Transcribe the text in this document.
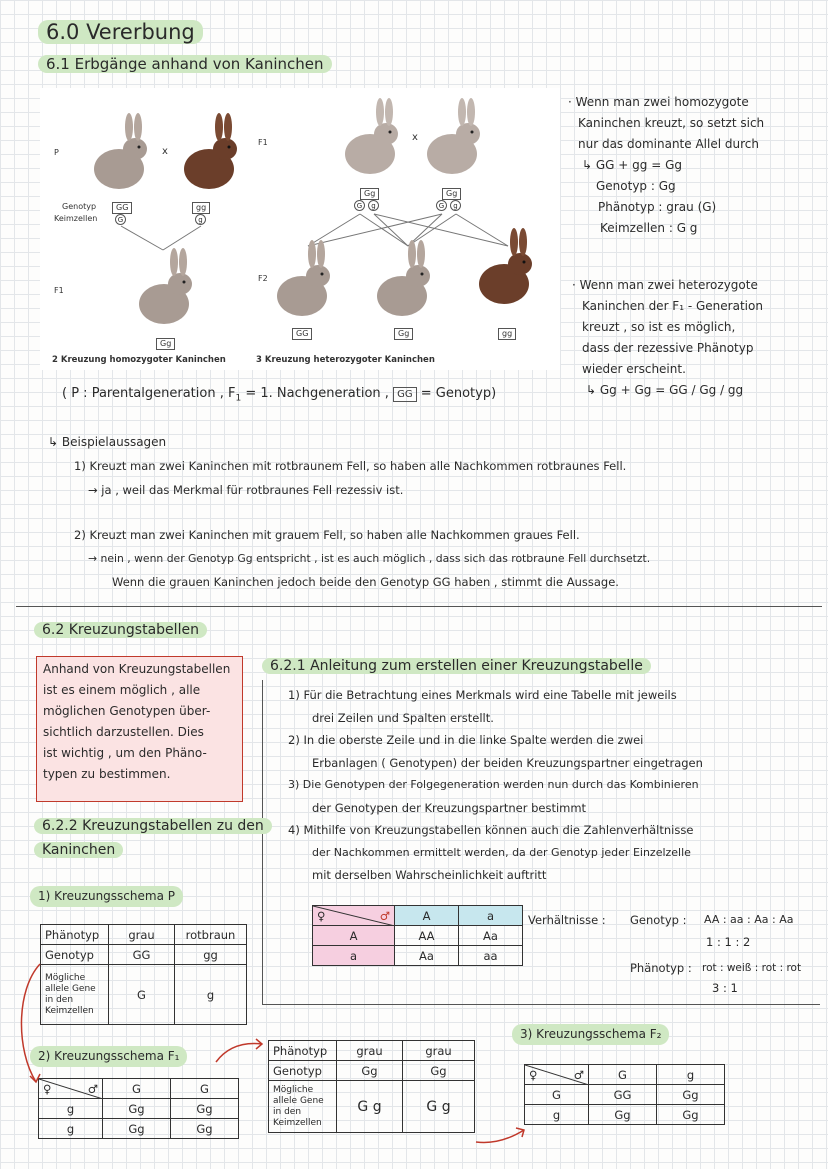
6.0 Vererbung
6.1 Erbgänge anhand von Kaninchen
P	x
Genotyp
Keimzellen
GG
G
gg
g
F1
Gg
2 Kreuzung homozygoter Kaninchen
F1	x
Gg
G	g
Gg
G	g
F2
GG	Gg	gg
3 Kreuzung heterozygoter Kaninchen
( P : Parentalgeneration , $F_1 = 1$. Nachgeneration , GG = Genotyp)
· Wenn man zwei homozygote
Kaninchen kreuzt, so setzt sich
nur das dominante Allel durch
↳ GG + gg = Gg
Genotyp : Gg
Phänotyp : grau (G)
Keimzellen : G g
· Wenn man zwei heterozygote
Kaninchen der F₁ - Generation
kreuzt , so ist es möglich,
dass der rezessive Phänotyp
wieder erscheint.
↳ Gg + Gg = GG / Gg / gg
↳ Beispielaussagen
1) Kreuzt man zwei Kaninchen mit rotbraunem Fell, so haben alle Nachkommen rotbraunes Fell.
→ ja , weil das Merkmal für rotbraunes Fell rezessiv ist.
2) Kreuzt man zwei Kaninchen mit grauem Fell, so haben alle Nachkommen graues Fell.
→ nein , wenn der Genotyp Gg entspricht , ist es auch möglich , dass sich das rotbraune Fell durchsetzt.
Wenn die grauen Kaninchen jedoch beide den Genotyp GG haben , stimmt die Aussage.
6.2 Kreuzungstabellen
Anhand von Kreuzungstabellen
ist es einem möglich , alle
möglichen Genotypen über-
sichtlich darzustellen. Dies
ist wichtig , um den Phäno-
typen zu bestimmen.
6.2.1 Anleitung zum erstellen einer Kreuzungstabelle
1) Für die Betrachtung eines Merkmals wird eine Tabelle mit jeweils
drei Zeilen und Spalten erstellt.
2) In die oberste Zeile und in die linke Spalte werden die zwei
Erbanlagen ( Genotypen) der beiden Kreuzungspartner eingetragen
3) Die Genotypen der Folgegeneration werden nun durch das Kombinieren
der Genotypen der Kreuzungspartner bestimmt
4) Mithilfe von Kreuzungstabellen können auch die Zahlenverhältnisse
der Nachkommen ermittelt werden, da der Genotyp jeder Einzelzelle
mit derselben Wahrscheinlichkeit auftritt
♀ ♂	A	a
A	AA	Aa
a	Aa	aa
Verhältnisse : Genotyp : AA : aa : Aa : Aa
1 : 1 : 2
Phänotyp : rot : weiß : rot : rot
3 : 1
6.2.2 Kreuzungstabellen zu den
Kaninchen
1) Kreuzungsschema P
Phänotyp	grau	rotbraun
Genotyp	GG	gg
Mögliche allele Gene in den Keimzellen	G	g
2) Kreuzungsschema F₁
♀ ♂	G	G
g	Gg	Gg
g	Gg	Gg
Phänotyp	grau	grau
Genotyp	Gg	Gg
Mögliche allele Gene in den Keimzellen	G g	G g
3) Kreuzungsschema F₂
♀ ♂	G	g
G	GG	Gg
g	Gg	Gg
